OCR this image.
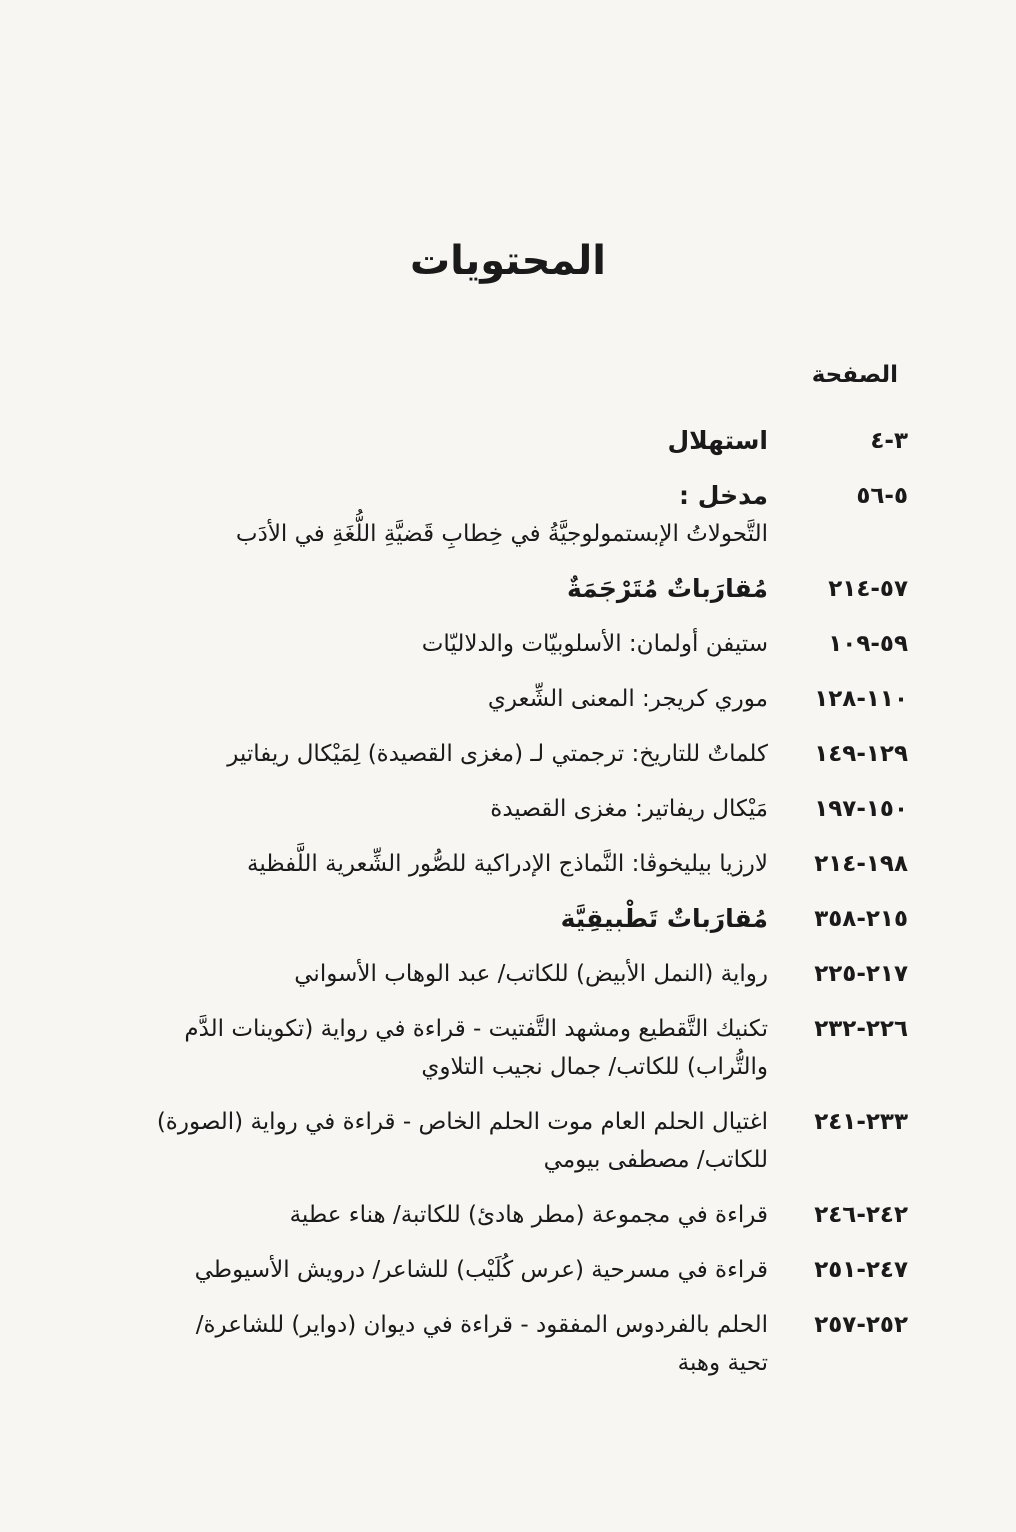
المحتويات
الصفحة
٣-٤
استهلال
٥-٥٦
مدخل :
التَّحولاتُ الإبستمولوجيَّةُ في خِطابِ قَضيَّةِ اللُّغَةِ في الأدَب
٥٧-٢١٤
مُقارَباتٌ مُتَرْجَمَةٌ
٥٩-١٠٩
ستيفن أولمان: الأسلوبيّات والدلاليّات
١١٠-١٢٨
موري كريجر: المعنى الشِّعري
١٢٩-١٤٩
كلماتٌ للتاريخ: ترجمتي لـ (مغزى القصيدة) لِمَيْكال ريفاتير
١٥٠-١٩٧
مَيْكال ريفاتير: مغزى القصيدة
١٩٨-٢١٤
لارزيا بيليخوڤا: النَّماذج الإدراكية للصُّور الشِّعرية اللَّفظية
٢١٥-٣٥٨
مُقارَباتٌ تَطْبيقِيَّة
٢١٧-٢٢٥
رواية (النمل الأبيض) للكاتب/ عبد الوهاب الأسواني
٢٢٦-٢٣٢
تكنيك التَّقطيع ومشهد التَّفتيت - قراءة في رواية (تكوينات الدَّم والتُّراب) للكاتب/ جمال نجيب التلاوي
٢٣٣-٢٤١
اغتيال الحلم العام موت الحلم الخاص - قراءة في رواية (الصورة) للكاتب/ مصطفى بيومي
٢٤٢-٢٤٦
قراءة في مجموعة (مطر هادئ) للكاتبة/ هناء عطية
٢٤٧-٢٥١
قراءة في مسرحية (عرس كُلَيْب) للشاعر/ درويش الأسيوطي
٢٥٢-٢٥٧
الحلم بالفردوس المفقود - قراءة في ديوان (دواير) للشاعرة/ تحية وهبة
